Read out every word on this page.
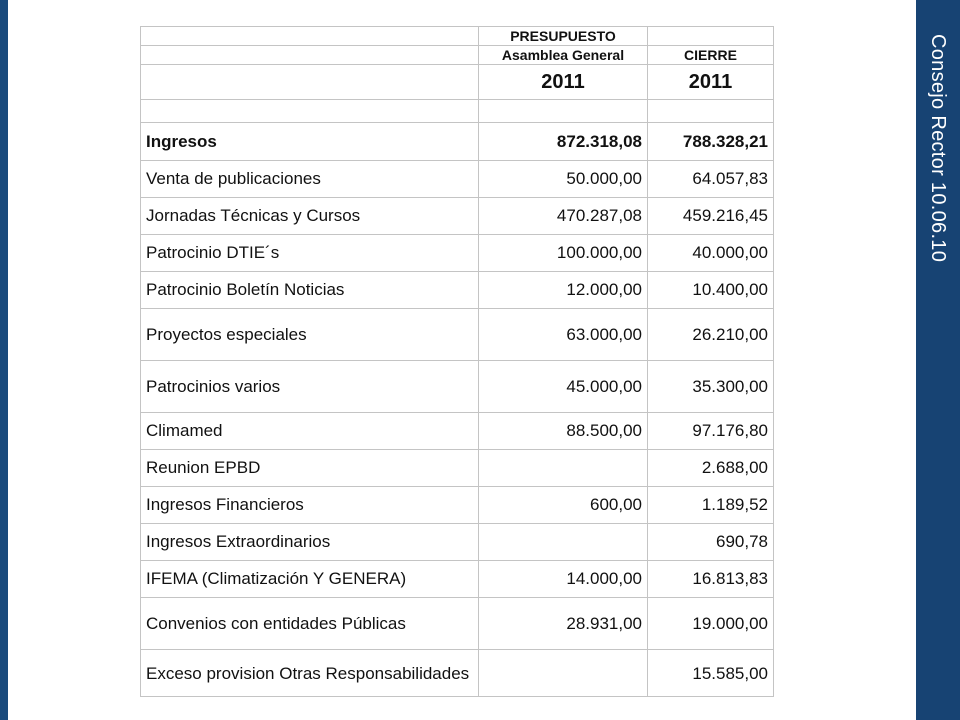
Consejo Rector 10.06.10
	PRESUPUESTO	
	Asamblea General	CIERRE
	2011	2011

Ingresos	872.318,08	788.328,21
Venta de publicaciones	50.000,00	64.057,83
Jornadas Técnicas y Cursos	470.287,08	459.216,45
Patrocinio DTIE´s	100.000,00	40.000,00
Patrocinio Boletín Noticias	12.000,00	10.400,00
Proyectos especiales	63.000,00	26.210,00
Patrocinios varios	45.000,00	35.300,00
Climamed	88.500,00	97.176,80
Reunion EPBD		2.688,00
Ingresos Financieros	600,00	1.189,52
Ingresos Extraordinarios		690,78
IFEMA (Climatización Y GENERA)	14.000,00	16.813,83
Convenios con entidades Públicas	28.931,00	19.000,00
Exceso provision Otras Responsabilidades		15.585,00
